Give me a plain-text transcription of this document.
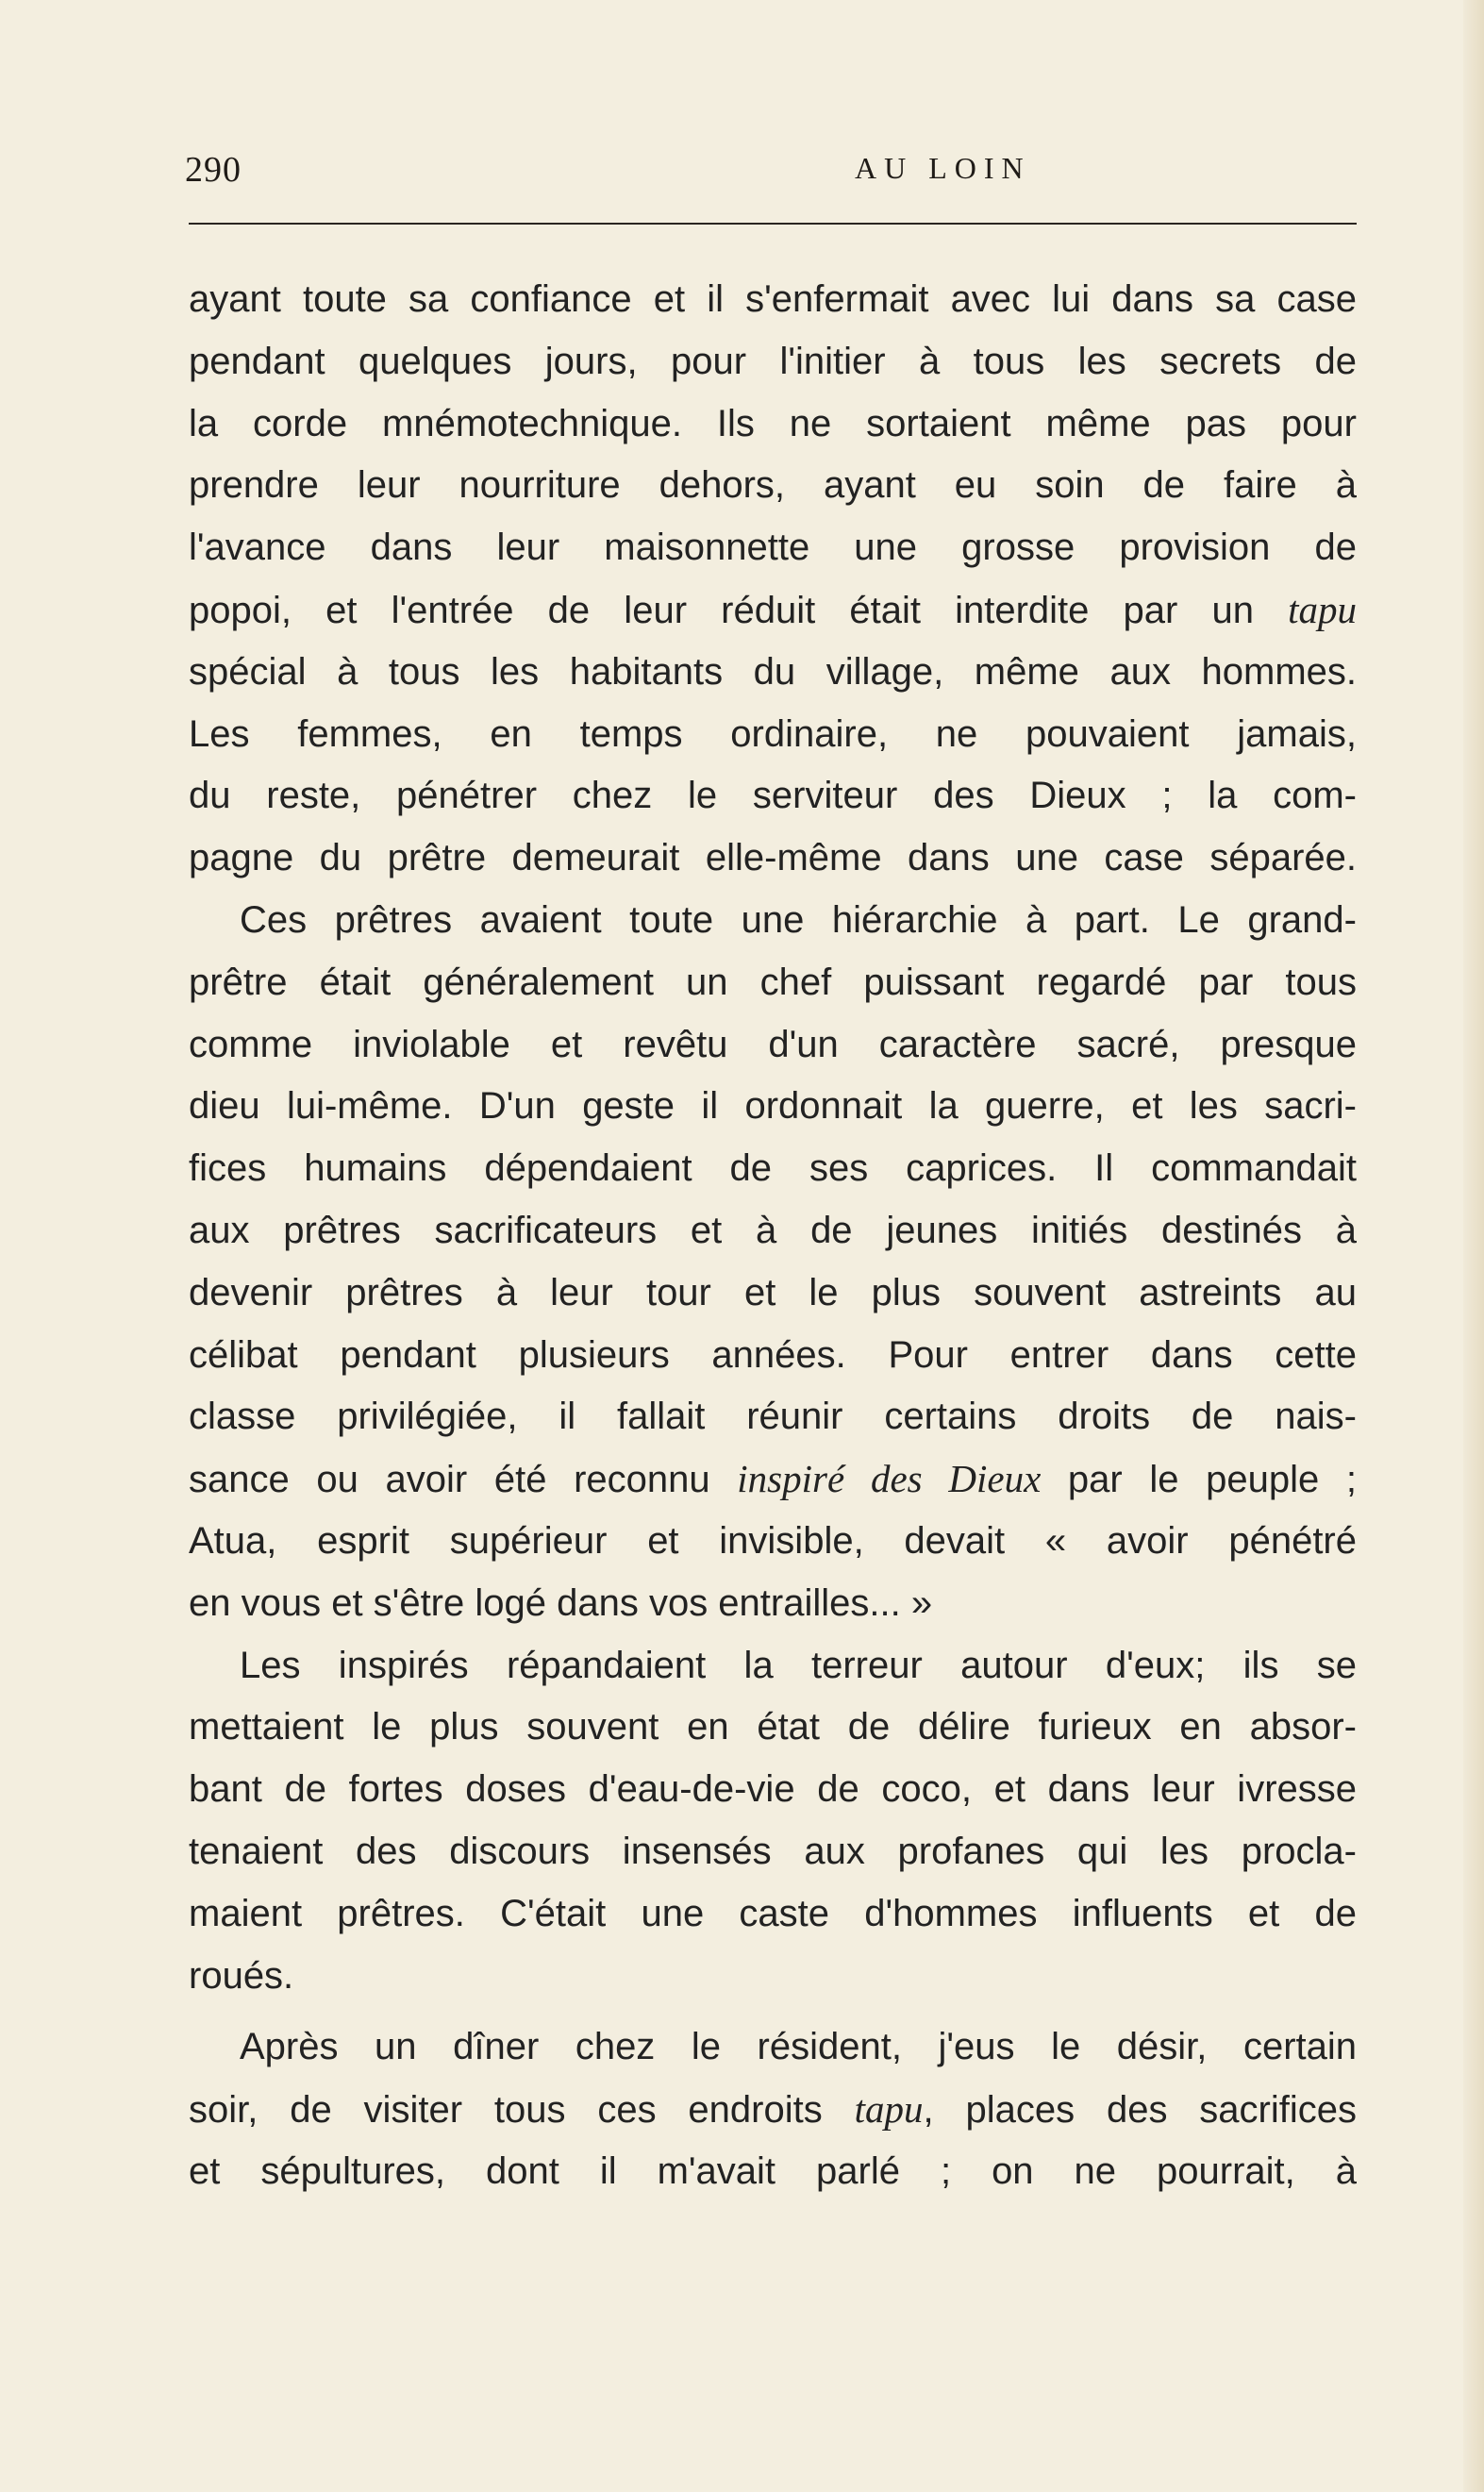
290	AU LOIN
ayant toute sa confiance et il s'enfermait avec lui dans sa case
pendant quelques jours, pour l'initier à tous les secrets de
la corde mnémotechnique. Ils ne sortaient même pas pour
prendre leur nourriture dehors, ayant eu soin de faire à
l'avance dans leur maisonnette une grosse provision de
popoi, et l'entrée de leur réduit était interdite par un tapu
spécial à tous les habitants du village, même aux hommes.
Les femmes, en temps ordinaire, ne pouvaient jamais,
du reste, pénétrer chez le serviteur des Dieux ; la com-
pagne du prêtre demeurait elle-même dans une case séparée.
Ces prêtres avaient toute une hiérarchie à part. Le grand-
prêtre était généralement un chef puissant regardé par tous
comme inviolable et revêtu d'un caractère sacré, presque
dieu lui-même. D'un geste il ordonnait la guerre, et les sacri-
fices humains dépendaient de ses caprices. Il commandait
aux prêtres sacrificateurs et à de jeunes initiés destinés à
devenir prêtres à leur tour et le plus souvent astreints au
célibat pendant plusieurs années. Pour entrer dans cette
classe privilégiée, il fallait réunir certains droits de nais-
sance ou avoir été reconnu inspiré des Dieux par le peuple ;
Atua, esprit supérieur et invisible, devait « avoir pénétré
en vous et s'être logé dans vos entrailles... »
Les inspirés répandaient la terreur autour d'eux; ils se
mettaient le plus souvent en état de délire furieux en absor-
bant de fortes doses d'eau-de-vie de coco, et dans leur ivresse
tenaient des discours insensés aux profanes qui les procla-
maient prêtres. C'était une caste d'hommes influents et de
roués.
Après un dîner chez le résident, j'eus le désir, certain
soir, de visiter tous ces endroits tapu, places des sacrifices
et sépultures, dont il m'avait parlé ; on ne pourrait, à
